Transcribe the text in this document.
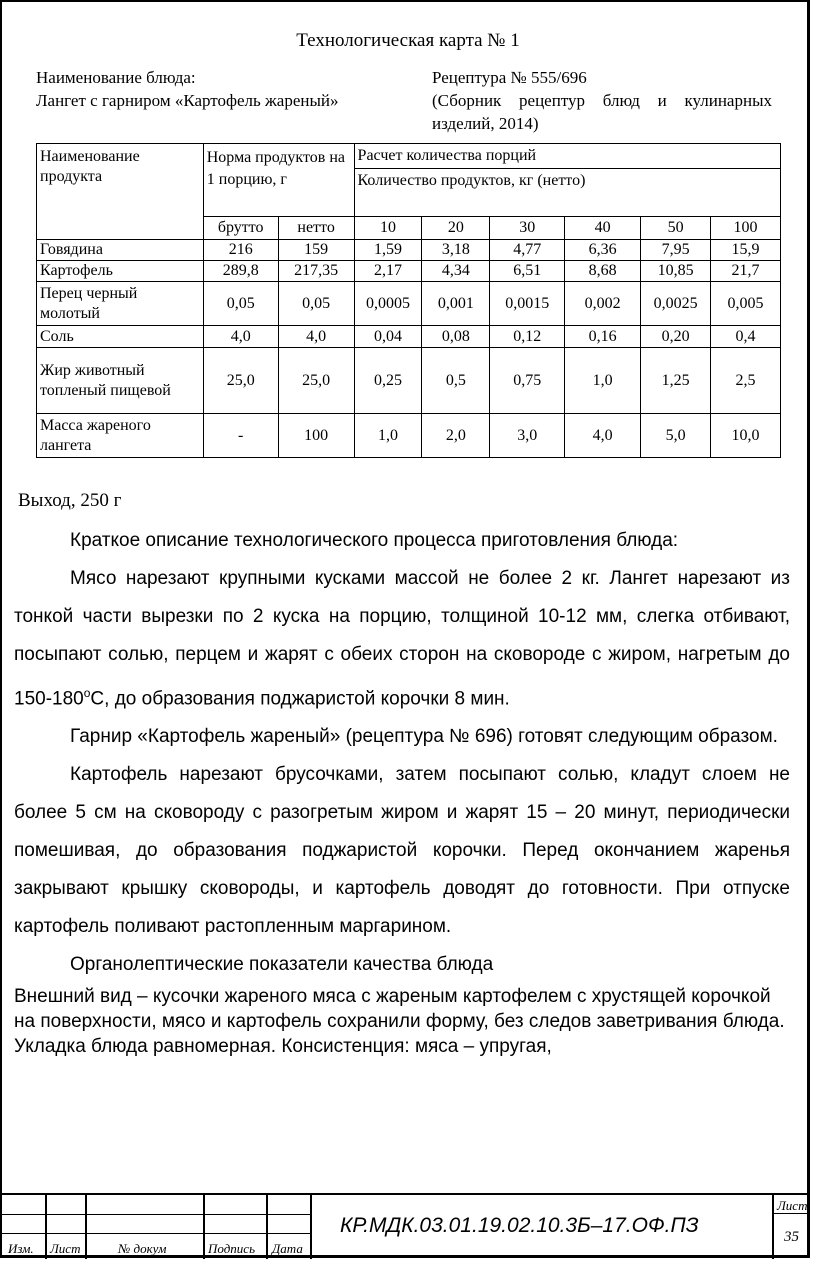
Технологическая карта № 1
Наименование блюда:
Лангет с гарниром «Картофель жареный»
Рецептура № 555/696
(Сборник рецептур блюд и кулинарных изделий, 2014)
Наименование продукта	Норма продуктов на 1 порцию, г		Расчет количества порций					
			Количество продуктов, кг (нетто)					
	брутто	нетто	10	20	30	40	50	100
Говядина	216	159	1,59	3,18	4,77	6,36	7,95	15,9
Картофель	289,8	217,35	2,17	4,34	6,51	8,68	10,85	21,7
Перец черный молотый	0,05	0,05	0,0005	0,001	0,0015	0,002	0,0025	0,005
Соль	4,0	4,0	0,04	0,08	0,12	0,16	0,20	0,4
Жир животный топленый пищевой	25,0	25,0	0,25	0,5	0,75	1,0	1,25	2,5
Масса жареного лангета	-	100	1,0	2,0	3,0	4,0	5,0	10,0
Выход, 250 г

Краткое описание технологического процесса приготовления блюда:

Мясо нарезают крупными кусками массой не более 2 кг. Лангет нарезают из тонкой части вырезки по 2 куска на порцию, толщиной 10-12 мм, слегка отбивают, посыпают солью, перцем и жарят с обеих сторон на сковороде с жиром, нагретым до $150-180^оС$, до образования поджаристой корочки 8 мин.

Гарнир «Картофель жареный» (рецептура № 696) готовят следующим образом.

Картофель нарезают брусочками, затем посыпают солью, кладут слоем не более 5 см на сковороду с разогретым жиром и жарят 15 – 20 минут, периодически помешивая, до образования поджаристой корочки. Перед окончанием жаренья закрывают крышку сковороды, и картофель доводят до готовности. При отпуске картофель поливают растопленным маргарином.

Органолептические показатели качества блюда

Внешний вид – кусочки жареного мяса с жареным картофелем с хрустящей корочкой на поверхности, мясо и картофель сохранили форму, без следов заветривания блюда. Укладка блюда равномерная. Консистенция: мяса – упругая,

Изм. Лист	№ докум	Подпись Дата
КР.МДК.03.01.19.02.10.3Б–17.ОФ.ПЗ
Лист
35
